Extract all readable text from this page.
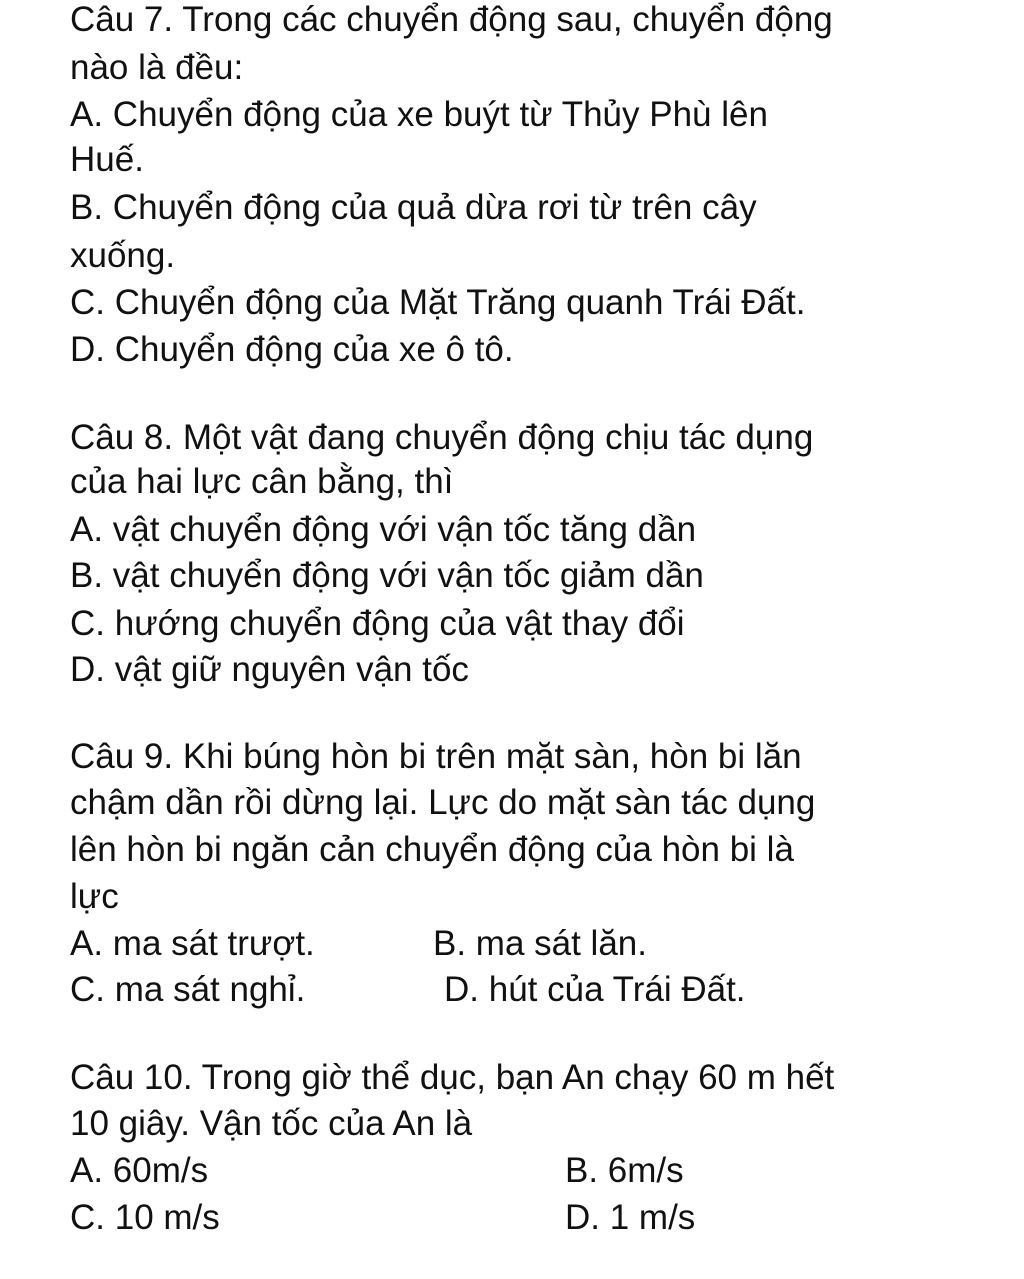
Câu 7. Trong các chuyển động sau, chuyển động
nào là đều:
A. Chuyển động của xe buýt từ Thủy Phù lên
Huế.
B. Chuyển động của quả dừa rơi từ trên cây
xuống.
C. Chuyển động của Mặt Trăng quanh Trái Đất.
D. Chuyển động của xe ô tô.
Câu 8. Một vật đang chuyển động chịu tác dụng
của hai lực cân bằng, thì
A. vật chuyển động với vận tốc tăng dần
B. vật chuyển động với vận tốc giảm dần
C. hướng chuyển động của vật thay đổi
D. vật giữ nguyên vận tốc
Câu 9. Khi búng hòn bi trên mặt sàn, hòn bi lăn
chậm dần rồi dừng lại. Lực do mặt sàn tác dụng
lên hòn bi ngăn cản chuyển động của hòn bi là
lực
A. ma sát trượt.	B. ma sát lăn.
C. ma sát nghỉ.	D. hút của Trái Đất.
Câu 10. Trong giờ thể dục, bạn An chạy 60 m hết
10 giây. Vận tốc của An là
A. 60m/s	B. 6m/s
C. 10 m/s	D. 1 m/s
